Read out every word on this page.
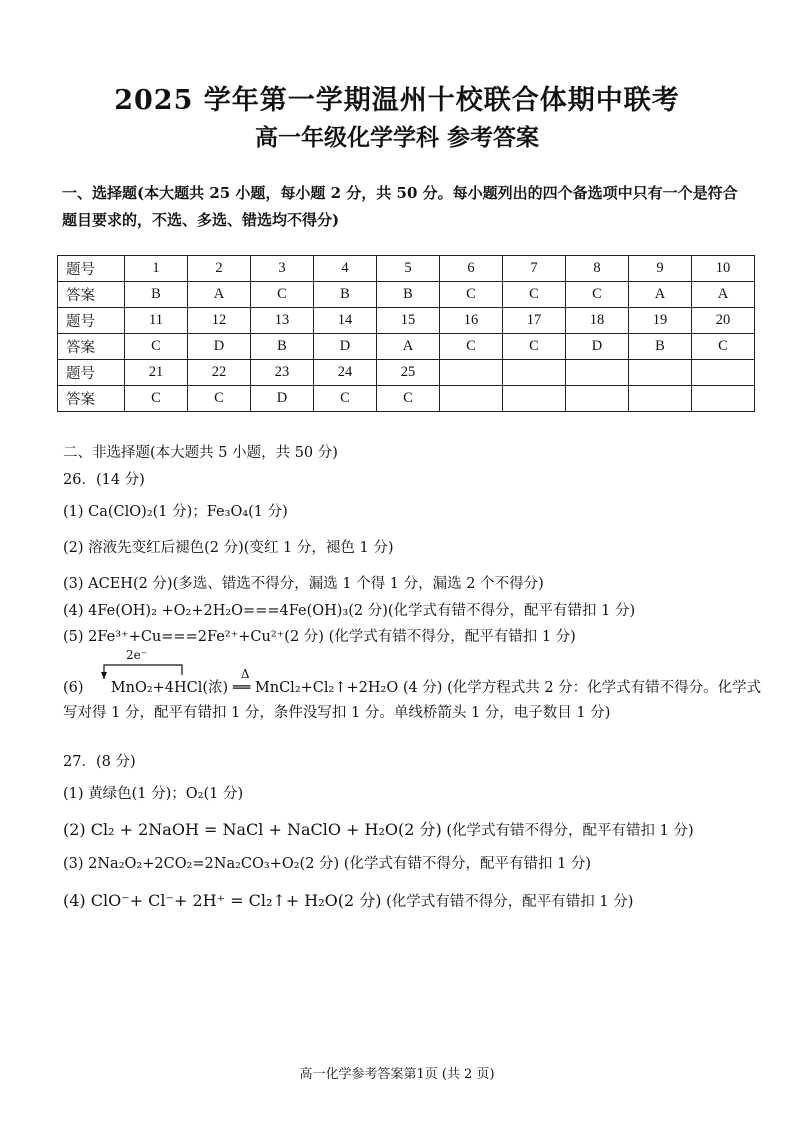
2025 学年第一学期温州十校联合体期中联考
高一年级化学学科 参考答案
一、选择题(本大题共 25 小题，每小题 2 分，共 50 分。每小题列出的四个备选项中只有一个是符合题目要求的，不选、多选、错选均不得分)
题号	1	2	3	4	5	6	7	8	9	10
答案	B	A	C	B	B	C	C	C	A	A
题号	11	12	13	14	15	16	17	18	19	20
答案	C	D	B	D	A	C	C	D	B	C
题号	21	22	23	24	25					
答案	C	C	D	C	C					
二、非选择题(本大题共 5 小题，共 50 分)
26．(14 分)
(1) Ca(ClO)₂(1 分)；Fe₃O₄(1 分)
(2) 溶液先变红后褪色(2 分)(变红 1 分，褪色 1 分)
(3) ACEH(2 分)(多选、错选不得分，漏选 1 个得 1 分，漏选 2 个不得分)
(4) 4Fe(OH)₂ +O₂+2H₂O===4Fe(OH)₃(2 分)(化学式有错不得分，配平有错扣 1 分)
(5) 2Fe³⁺+Cu===2Fe²⁺+Cu²⁺(2 分) (化学式有错不得分，配平有错扣 1 分)
2e⁻
(6) MnO₂+4HCl(浓)
Δ
══ MnCl₂+Cl₂↑+2H₂O (4 分) (化学方程式共 2 分：化学式有错不得分。化学式
写对得 1 分，配平有错扣 1 分，条件没写扣 1 分。单线桥箭头 1 分，电子数目 1 分)
27．(8 分)
(1) 黄绿色(1 分)；O₂(1 分)
(2) Cl₂ + 2NaOH = NaCl + NaClO + H₂O(2 分) (化学式有错不得分，配平有错扣 1 分)
(3) 2Na₂O₂+2CO₂=2Na₂CO₃+O₂(2 分) (化学式有错不得分，配平有错扣 1 分)
(4) ClO⁻+ Cl⁻+ 2H⁺ = Cl₂↑+ H₂O(2 分) (化学式有错不得分，配平有错扣 1 分)
高一化学参考答案第1页 (共 2 页)
